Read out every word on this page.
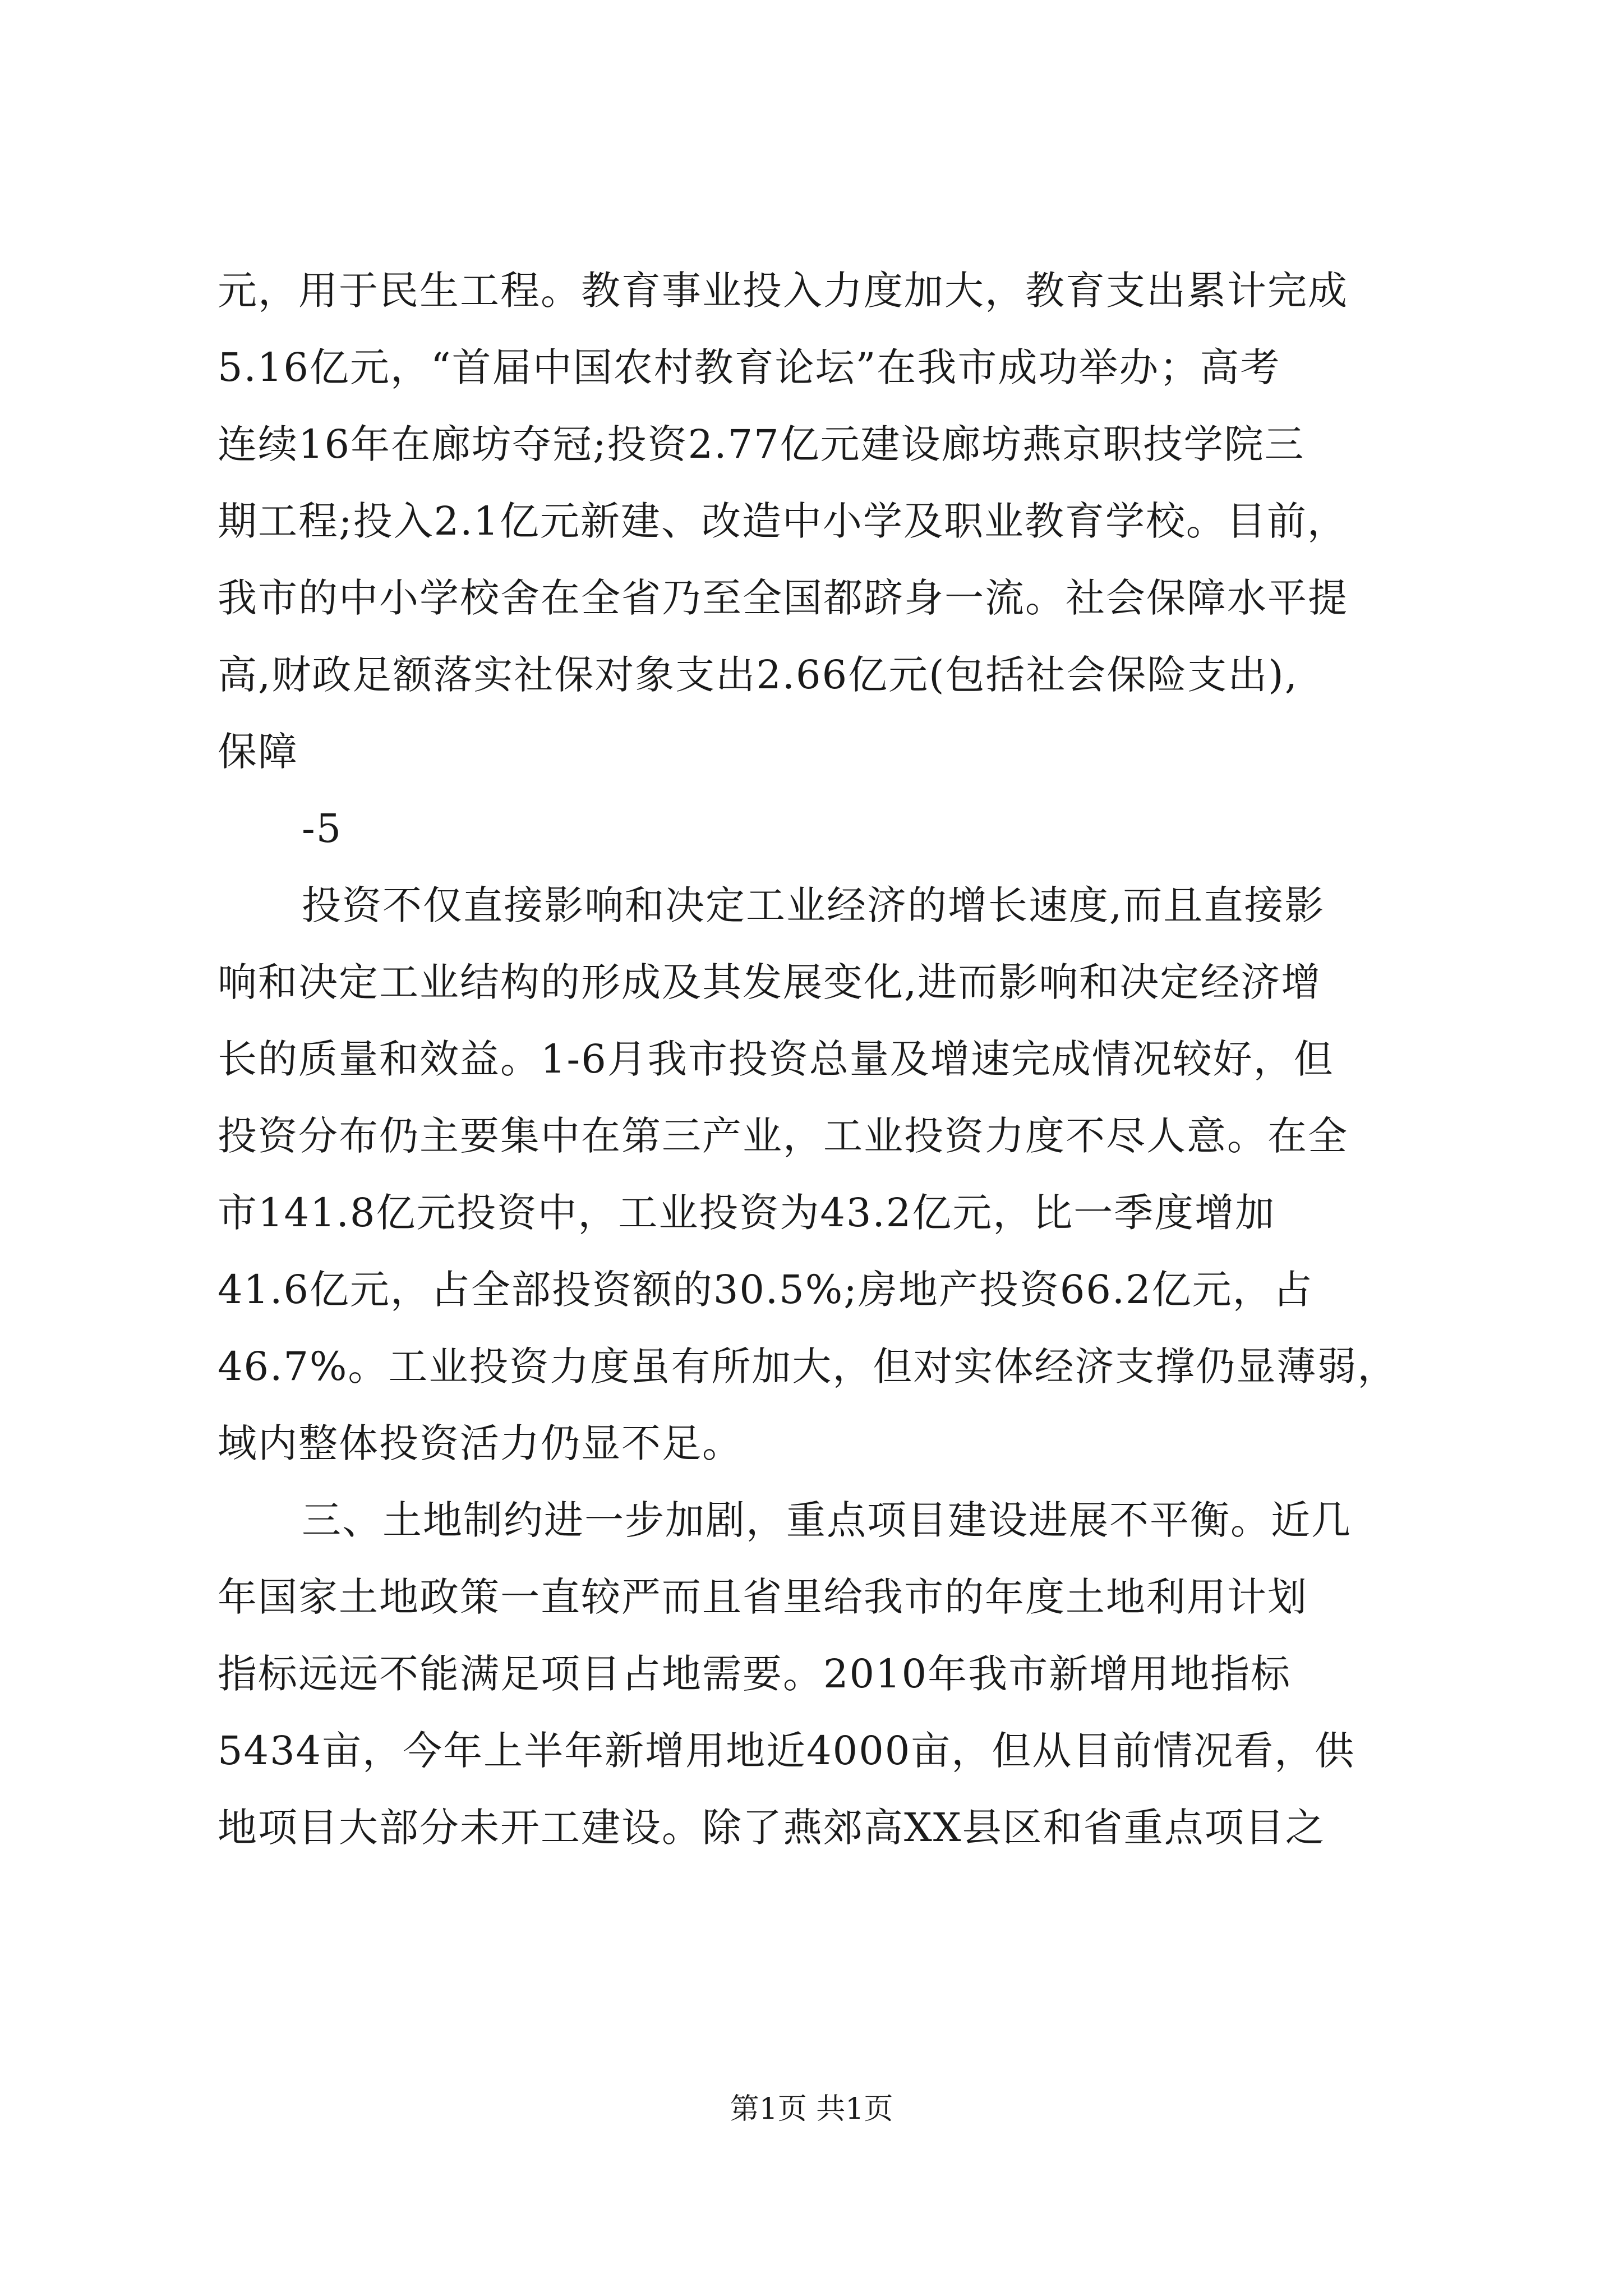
元，用于民生工程。教育事业投入力度加大，教育支出累计完成
5.16亿元，“首届中国农村教育论坛”在我市成功举办；高考
连续16年在廊坊夺冠;投资2.77亿元建设廊坊燕京职技学院三
期工程;投入2.1亿元新建、改造中小学及职业教育学校。目前，
我市的中小学校舍在全省乃至全国都跻身一流。社会保障水平提
高,财政足额落实社保对象支出2.66亿元(包括社会保险支出),
保障
-5
投资不仅直接影响和决定工业经济的增长速度,而且直接影
响和决定工业结构的形成及其发展变化,进而影响和决定经济增
长的质量和效益。1-6月我市投资总量及增速完成情况较好，但
投资分布仍主要集中在第三产业，工业投资力度不尽人意。在全
市141.8亿元投资中，工业投资为43.2亿元，比一季度增加
41.6亿元，占全部投资额的30.5%;房地产投资66.2亿元，占
46.7%。工业投资力度虽有所加大，但对实体经济支撑仍显薄弱，
域内整体投资活力仍显不足。
三、土地制约进一步加剧，重点项目建设进展不平衡。近几
年国家土地政策一直较严而且省里给我市的年度土地利用计划
指标远远不能满足项目占地需要。2010年我市新增用地指标
5434亩，今年上半年新增用地近4000亩，但从目前情况看，供
地项目大部分未开工建设。除了燕郊高XX县区和省重点项目之
第1页 共1页
